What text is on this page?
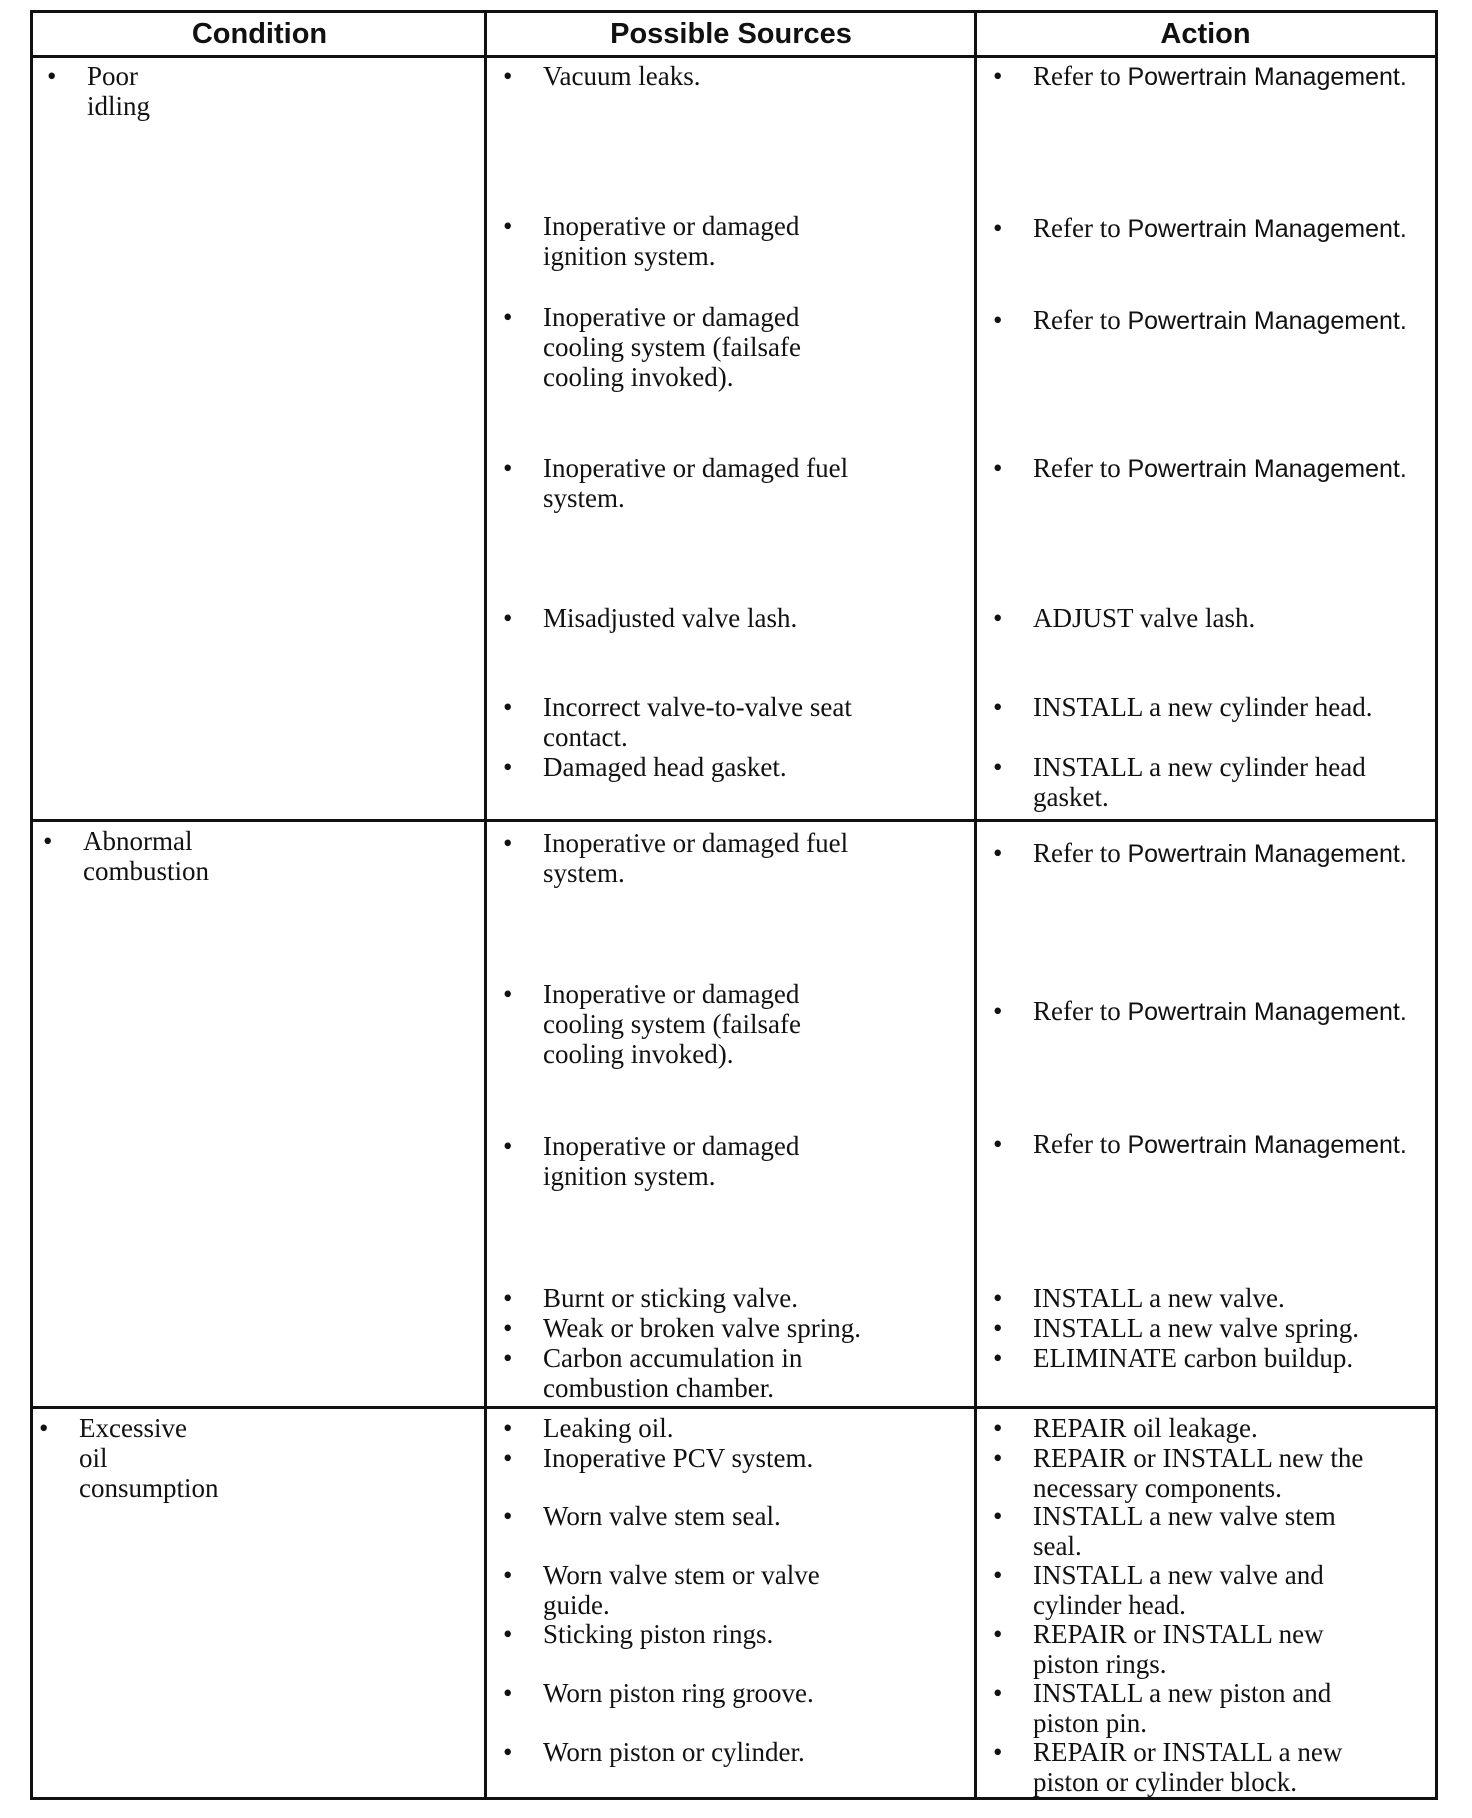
Condition	Possible Sources	Action
• Poor idling
• Abnormal combustion
• Excessive oil consumption
• Vacuum leaks.
• Inoperative or damaged
ignition system.
• Inoperative or damaged
cooling system (failsafe
cooling invoked).
• Inoperative or damaged fuel
system.
• Misadjusted valve lash.
• Incorrect valve-to-valve seat
contact.
• Damaged head gasket.
• Inoperative or damaged fuel
system.
• Inoperative or damaged
cooling system (failsafe
cooling invoked).
• Inoperative or damaged
ignition system.
• Burnt or sticking valve.
• Weak or broken valve spring.
• Carbon accumulation in
combustion chamber.
• Leaking oil.
• Inoperative PCV system.
• Worn valve stem seal.
• Worn valve stem or valve
guide.
• Sticking piston rings.
• Worn piston ring groove.
• Worn piston or cylinder.
• Refer to Powertrain Management.
• Refer to Powertrain Management.
• Refer to Powertrain Management.
• Refer to Powertrain Management.
• Refer to Powertrain Management.
• Refer to Powertrain Management.
• Refer to Powertrain Management.
• ADJUST valve lash.
• INSTALL a new cylinder head.
• INSTALL a new cylinder head
gasket.
• INSTALL a new valve.
• INSTALL a new valve spring.
• ELIMINATE carbon buildup.
• REPAIR oil leakage.
• REPAIR or INSTALL new the
necessary components.
• INSTALL a new valve stem
seal.
• INSTALL a new valve and
cylinder head.
• REPAIR or INSTALL new
piston rings.
• INSTALL a new piston and
piston pin.
• REPAIR or INSTALL a new
piston or cylinder block.
